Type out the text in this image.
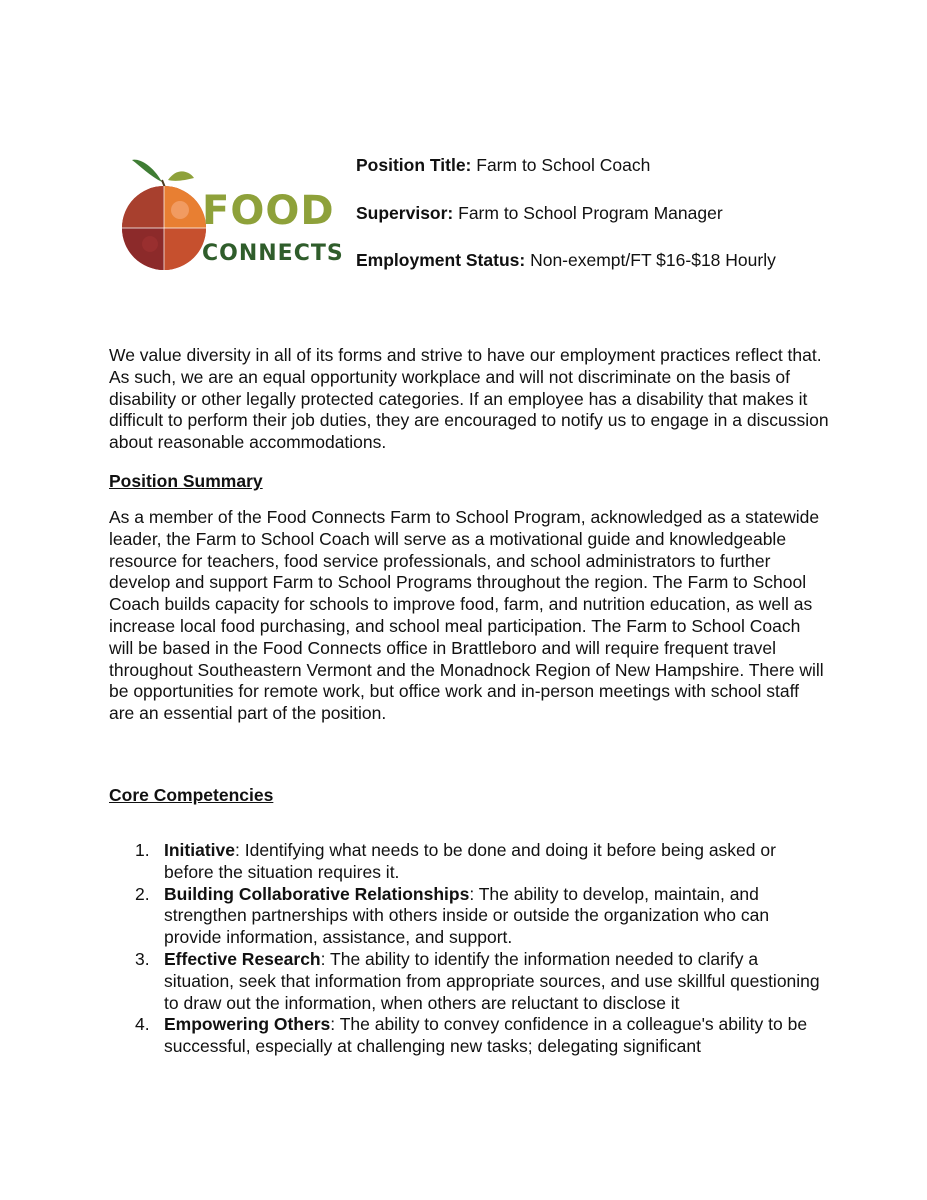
FOOD
CONNECTS
Position Title: Farm to School Coach
Supervisor: Farm to School Program Manager
Employment Status: Non-exempt/FT $16-$18 Hourly
We value diversity in all of its forms and strive to have our employment practices reflect that. As such, we are an equal opportunity workplace and will not discriminate on the basis of disability or other legally protected categories. If an employee has a disability that makes it difficult to perform their job duties, they are encouraged to notify us to engage in a discussion about reasonable accommodations.
Position Summary
As a member of the Food Connects Farm to School Program, acknowledged as a statewide leader, the Farm to School Coach will serve as a motivational guide and knowledgeable resource for teachers, food service professionals, and school administrators to further develop and support Farm to School Programs throughout the region. The Farm to School Coach builds capacity for schools to improve food, farm, and nutrition education, as well as increase local food purchasing, and school meal participation. The Farm to School Coach will be based in the Food Connects office in Brattleboro and will require frequent travel throughout Southeastern Vermont and the Monadnock Region of New Hampshire. There will be opportunities for remote work, but office work and in-person meetings with school staff are an essential part of the position.
Core Competencies
1. Initiative: Identifying what needs to be done and doing it before being asked or before the situation requires it.
2. Building Collaborative Relationships: The ability to develop, maintain, and strengthen partnerships with others inside or outside the organization who can provide information, assistance, and support.
3. Effective Research: The ability to identify the information needed to clarify a situation, seek that information from appropriate sources, and use skillful questioning to draw out the information, when others are reluctant to disclose it
4. Empowering Others: The ability to convey confidence in a colleague's ability to be successful, especially at challenging new tasks; delegating significant
